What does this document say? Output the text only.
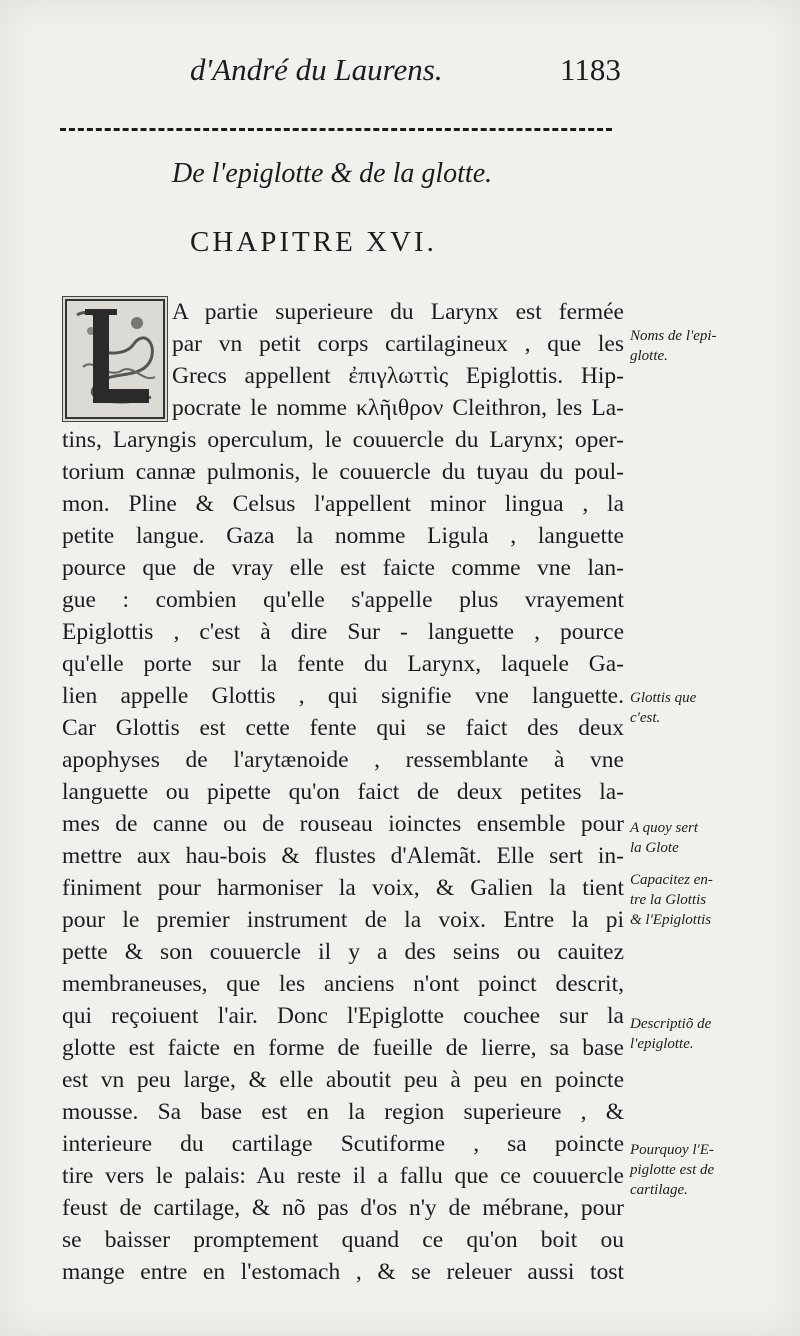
d'André du Laurens.	1183
De l'epiglotte & de la glotte.
CHAPITRE XVI.
A partie superieure du Larynx est fermée
par vn petit corps cartilagineux , que les
Grecs appellent ἐπιγλωττὶς Epiglottis. Hip-
pocrate le nomme κλῆιθρον Cleithron, les La-
tins, Laryngis operculum, le couuercle du Larynx; oper-
torium cannæ pulmonis, le couuercle du tuyau du poul-
mon. Pline & Celsus l'appellent minor lingua , la
petite langue. Gaza la nomme Ligula , languette
pource que de vray elle est faicte comme vne lan-
gue : combien qu'elle s'appelle plus vrayement
Epiglottis , c'est à dire Sur - languette , pource
qu'elle porte sur la fente du Larynx, laquele Ga-
lien appelle Glottis , qui signifie vne languette.
Car Glottis est cette fente qui se faict des deux
apophyses de l'arytænoide , ressemblante à vne
languette ou pipette qu'on faict de deux petites la-
mes de canne ou de rouseau ioinctes ensemble pour
mettre aux hau-bois & flustes d'Alemãt. Elle sert in-
finiment pour harmoniser la voix, & Galien la tient
pour le premier instrument de la voix. Entre la pi
pette & son couuercle il y a des seins ou cauitez
membraneuses, que les anciens n'ont poinct descrit,
qui reçoiuent l'air. Donc l'Epiglotte couchee sur la
glotte est faicte en forme de fueille de lierre, sa base
est vn peu large, & elle aboutit peu à peu en poincte
mousse. Sa base est en la region superieure , &
interieure du cartilage Scutiforme , sa poincte
tire vers le palais: Au reste il a fallu que ce couuercle
feust de cartilage, & nõ pas d'os n'y de mébrane, pour
se baisser promptement quand ce qu'on boit ou
mange entre en l'estomach , & se releuer aussi tost
Noms de l'epi-
glotte.
Glottis que
c'est.
A quoy sert
la Glote
Capacitez en-
tre la Glottis
& l'Epiglottis
Descriptiõ de
l'epiglotte.
Pourquoy l'E-
piglotte est de
cartilage.
